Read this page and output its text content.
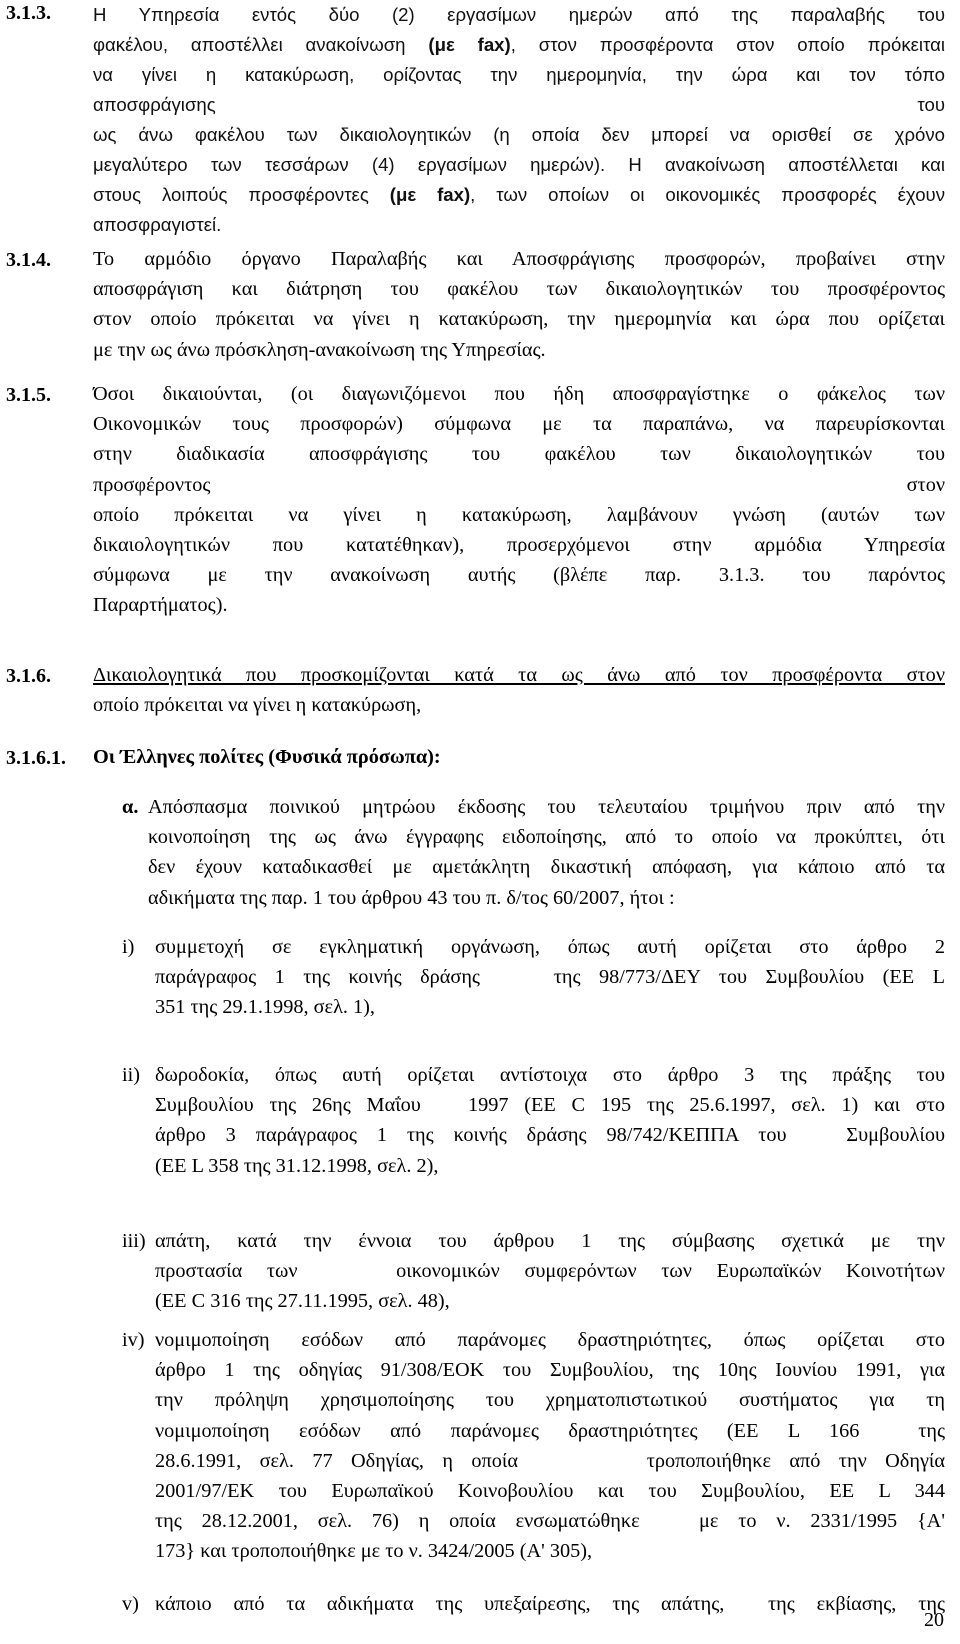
3.1.3. Η Υπηρεσία εντός δύο (2) εργασίμων ημερών από της παραλαβής του
φακέλου, αποστέλλει ανακοίνωση (με fax), στον προσφέροντα στον οποίο πρόκειται
να γίνει η κατακύρωση, ορίζοντας την ημερομηνία, την ώρα και τον τόπο
αποσφράγισης                                                                                         του
ως άνω φακέλου των δικαιολογητικών (η οποία δεν μπορεί να ορισθεί σε χρόνο
μεγαλύτερο των τεσσάρων (4) εργασίμων ημερών). Η ανακοίνωση αποστέλλεται και
στους λοιπούς προσφέροντες (με fax), των οποίων οι οικονομικές προσφορές έχουν
αποσφραγιστεί.
3.1.4. Το αρμόδιο όργανο Παραλαβής και Αποσφράγισης προσφορών, προβαίνει στην
αποσφράγιση και διάτρηση του φακέλου των δικαιολογητικών του προσφέροντος
στον οποίο πρόκειται να γίνει η κατακύρωση, την ημερομηνία και ώρα που ορίζεται
με την ως άνω πρόσκληση-ανακοίνωση της Υπηρεσίας.
3.1.5. Όσοι δικαιούνται, (οι διαγωνιζόμενοι που ήδη αποσφραγίστηκε ο φάκελος των
Οικονομικών τους προσφορών) σύμφωνα με τα παραπάνω, να παρευρίσκονται
στην διαδικασία αποσφράγισης του φακέλου των δικαιολογητικών του
προσφέροντος στον
οποίο πρόκειται να γίνει η κατακύρωση, λαμβάνουν γνώση (αυτών των
δικαιολογητικών που κατατέθηκαν), προσερχόμενοι στην αρμόδια Υπηρεσία
σύμφωνα με την ανακοίνωση αυτής (βλέπε παρ. 3.1.3. του παρόντος
Παραρτήματος).
3.1.6. Δικαιολογητικά που προσκομίζονται κατά τα ως άνω από τον προσφέροντα στον
οποίο πρόκειται να γίνει η κατακύρωση,
3.1.6.1. Οι Έλληνες πολίτες (Φυσικά πρόσωπα):
α. Απόσπασμα ποινικού μητρώου έκδοσης του τελευταίου τριμήνου πριν από την
κοινοποίηση της ως άνω έγγραφης ειδοποίησης, από το οποίο να προκύπτει, ότι
δεν έχουν καταδικασθεί με αμετάκλητη δικαστική απόφαση, για κάποιο από τα
αδικήματα της παρ. 1 του άρθρου 43 του π. δ/τος 60/2007, ήτοι :
i) συμμετοχή σε εγκληματική οργάνωση, όπως αυτή ορίζεται στο άρθρο 2
παράγραφος 1 της κοινής δράσης    της 98/773/ΔΕΥ του Συμβουλίου (ΕΕ L
351 της 29.1.1998, σελ. 1),
ii) δωροδοκία, όπως αυτή ορίζεται αντίστοιχα στο άρθρο 3 της πράξης του
Συμβουλίου της 26ης Μαΐου   1997 (ΕΕ C 195 της 25.6.1997, σελ. 1) και στο
άρθρο 3 παράγραφος 1 της κοινής δράσης 98/742/ΚΕΠΠΑ του   Συμβουλίου
(ΕΕ L 358 της 31.12.1998, σελ. 2),
iii) απάτη, κατά την έννοια του άρθρου 1 της σύμβασης σχετικά με την
προστασία των    οικονομικών συμφερόντων των Ευρωπαϊκών Κοινοτήτων
(ΕΕ C 316 της 27.11.1995, σελ. 48),
iv) νομιμοποίηση εσόδων από παράνομες δραστηριότητες, όπως ορίζεται στο
άρθρο 1 της οδηγίας 91/308/ΕΟΚ του Συμβουλίου, της 10ης Ιουνίου 1991, για
την πρόληψη χρησιμοποίησης του χρηματοπιστωτικού συστήματος για τη
νομιμοποίηση εσόδων από παράνομες δραστηριότητες (ΕΕ L 166  της
28.6.1991, σελ. 77 Οδηγίας, η οποία       τροποποιήθηκε από την Οδηγία
2001/97/ΕΚ του Ευρωπαϊκού Κοινοβουλίου και του Συμβουλίου, ΕΕ L 344
της 28.12.2001, σελ. 76) η οποία ενσωματώθηκε   με το ν. 2331/1995 {Α'
173} και τροποποιήθηκε με το ν. 3424/2005 (Α' 305),
v) κάποιο από τα αδικήματα της υπεξαίρεσης, της απάτης,  της εκβίασης, της
20
